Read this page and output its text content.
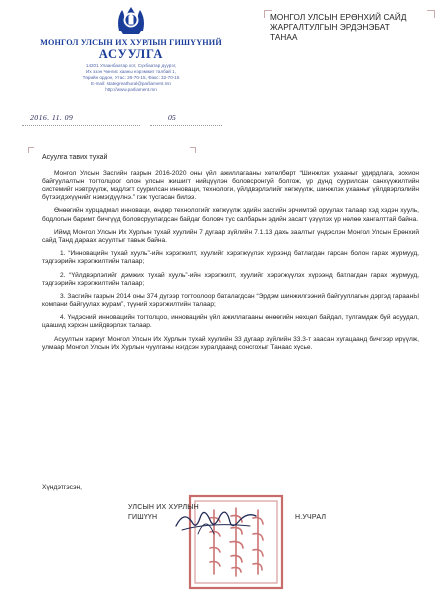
МОНГОЛ УЛСЫН ИХ ХУРЛЫН ГИШҮҮНИЙ
АСУУЛГА
14201 Улаанбаатар хот, Сүхбаатар дүүрэг,
Их эзэн Чингис хааны нэрэмжит талбай 1,
Төрийн ордон, Утас: 26-70-15, Факс: 32-70-15
E-mail: stategreathural@parliament.mn
http://www.parliament.mn
МОНГОЛ УЛСЫН ЕРӨНХИЙ САЙД
ЖАРГАЛТУЛГЫН ЭРДЭНЭБАТ
ТАНАА
2016. 11. 09	05
Асуулга тавих тухай

Монгол Улсын Засгийн газрын 2016-2020 оны үйл ажиллагааны хөтөлбөрт “Шинжлэх ухааныг удирдлага, зохион байгуулалтын тогтолцоог олон улсын жишигт нийцүүлэн боловсронгуй болгож, үр дүнд суурилсан санхүүжилтийн системийг нэвтрүүлж, мэдлэгт суурилсан инноваци, технологи, үйлдвэрлэлийг хөгжүүлж, шинжлэх ухааныг үйлдвэрлэлийн бүтээгдэхүүнийг нэмэгдүүлнэ.” гэж тусгасан билээ.

Өнөөгийн хурцадмал инноваци, өндөр технологийг хөгжүүлж эдийн засгийн эрчимтэй оруулах талаар хэд хэдэн хууль, бодлогын баримт бичгүүд боловсруулагдсан байдаг боловч тус салбарын эдийн засагт үзүүлэх үр нөлөө хангалттай байна.

Иймд Монгол Улсын Их Хурлын тухай хуулийн 7 дугаар зүйлийн 7.1.13 дахь заалтыг үндэслэн Монгол Улсын Ерөнхий сайд Танд дараах асуултыг тавьж байна.

1. “Инновацийн тухай хууль”-ийн хэрэгжилт, хуулийг хэрэгжүүлэх хүрээнд батлагдан гарсан болон гарах журмууд, тэдгээрийн хэрэгжилтийн талаар;

2. “Үйлдвэрлэлийг дэмжих тухай хууль”-ийн хэрэгжилт, хуулийг хэрэгжүүлэх хүрээнд батлагдан гарах журмууд, тэдгээрийн хэрэгжилтийн талаар;

3. Засгийн газрын 2014 оны 374 дүгээр тогтоолоор баталагдсан “Эрдэм шинжилгээний байгууллагын дэргэд гараанЫ компани байгуулах журам”, түүний хэрэгжилтийн талаар;

4. Үндэсний инновацийн тогтолцоо, инновацийн үйл ажиллагааны өнөөгийн нөхцөл байдал, тулгамдаж буй асуудал, цаашид хэрхэн шийдвэрлэх талаар.

Асуултын хариуг Монгол Улсын Их Хурлын тухай хуулийн 33 дугаар зүйлийн 33.3-т заасан хугацаанд бичгээр ирүүлж, улмаар Монгол Улсын Их Хурлын чуулганы нэгдсэн хуралдаанд сонсгохыг Танаас хүсье.

Хүндэтгэсэн,
УЛСЫН ИХ ХУРЛЫН
ГИШҮҮН	Н.УЧРАЛ
